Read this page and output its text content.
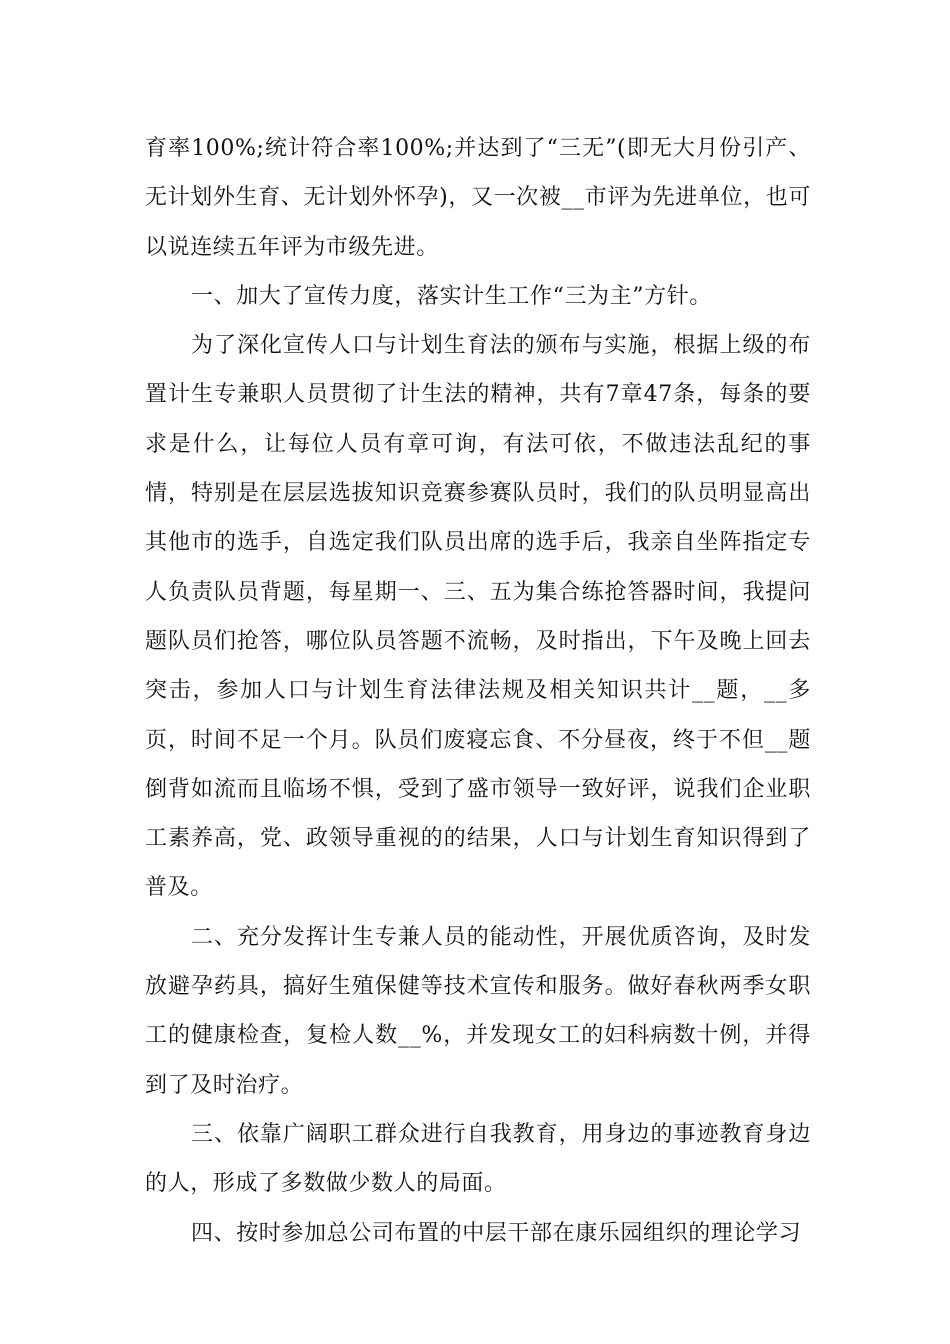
育率100%;统计符合率100%;并达到了“三无”(即无大月份引产、无计划外生育、无计划外怀孕)，又一次被__市评为先进单位，也可以说连续五年评为市级先进。

一、加大了宣传力度，落实计生工作“三为主”方针。

为了深化宣传人口与计划生育法的颁布与实施，根据上级的布置计生专兼职人员贯彻了计生法的精神，共有7章47条，每条的要求是什么，让每位人员有章可询，有法可依，不做违法乱纪的事情，特别是在层层选拔知识竞赛参赛队员时，我们的队员明显高出其他市的选手，自选定我们队员出席的选手后，我亲自坐阵指定专人负责队员背题，每星期一、三、五为集合练抢答器时间，我提问题队员们抢答，哪位队员答题不流畅，及时指出，下午及晚上回去突击，参加人口与计划生育法律法规及相关知识共计__题，__多页，时间不足一个月。队员们废寝忘食、不分昼夜，终于不但__题倒背如流而且临场不惧，受到了盛市领导一致好评，说我们企业职工素养高，党、政领导重视的的结果，人口与计划生育知识得到了普及。

二、充分发挥计生专兼人员的能动性，开展优质咨询，及时发放避孕药具，搞好生殖保健等技术宣传和服务。做好春秋两季女职工的健康检查，复检人数__%，并发现女工的妇科病数十例，并得到了及时治疗。

三、依靠广阔职工群众进行自我教育，用身边的事迹教育身边的人，形成了多数做少数人的局面。

四、按时参加总公司布置的中层干部在康乐园组织的理论学习
